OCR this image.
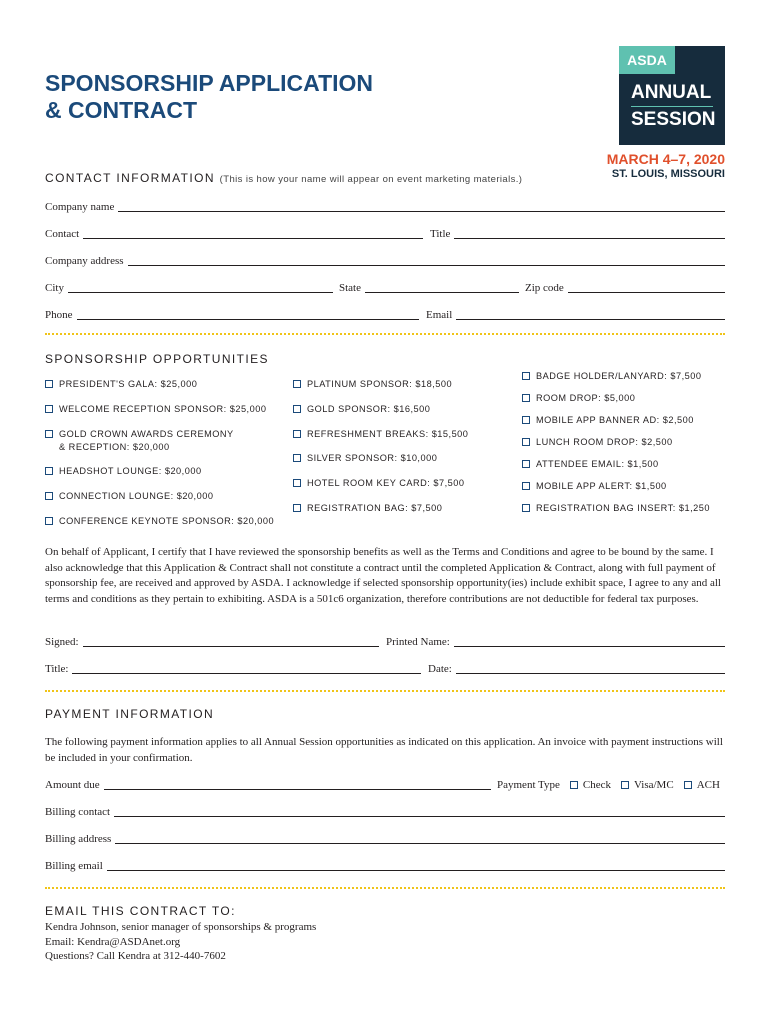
SPONSORSHIP APPLICATION
& CONTRACT
ASDA
ANNUAL
SESSION
MARCH 4–7, 2020
ST. LOUIS, MISSOURI
CONTACT INFORMATION (This is how your name will appear on event marketing materials.)
Company name
Contact	Title
Company address
City	State	Zip code
Phone	Email
SPONSORSHIP OPPORTUNITIES
PRESIDENT'S GALA: $25,000
WELCOME RECEPTION SPONSOR: $25,000
GOLD CROWN AWARDS CEREMONY
& RECEPTION: $20,000
HEADSHOT LOUNGE: $20,000
CONNECTION LOUNGE: $20,000
CONFERENCE KEYNOTE SPONSOR: $20,000
PLATINUM SPONSOR: $18,500
GOLD SPONSOR: $16,500
REFRESHMENT BREAKS: $15,500
SILVER SPONSOR: $10,000
HOTEL ROOM KEY CARD: $7,500
REGISTRATION BAG: $7,500
BADGE HOLDER/LANYARD: $7,500
ROOM DROP: $5,000
MOBILE APP BANNER AD: $2,500
LUNCH ROOM DROP: $2,500
ATTENDEE EMAIL: $1,500
MOBILE APP ALERT: $1,500
REGISTRATION BAG INSERT: $1,250
On behalf of Applicant, I certify that I have reviewed the sponsorship benefits as well as the Terms and Conditions and agree to be bound by the same. I also acknowledge that this Application & Contract shall not constitute a contract until the completed Application & Contract, along with full payment of sponsorship fee, are received and approved by ASDA. I acknowledge if selected sponsorship opportunity(ies) include exhibit space, I agree to any and all terms and conditions as they pertain to exhibiting. ASDA is a 501c6 organization, therefore contributions are not deductible for federal tax purposes.
Signed:	Printed Name:
Title:	Date:
PAYMENT INFORMATION
The following payment information applies to all Annual Session opportunities as indicated on this application. An invoice with payment instructions will be included in your confirmation.
Amount due	Payment Type Check Visa/MC ACH
Billing contact
Billing address
Billing email
EMAIL THIS CONTRACT TO:
Kendra Johnson, senior manager of sponsorships & programs
Email: Kendra@ASDAnet.org
Questions? Call Kendra at 312-440-7602
